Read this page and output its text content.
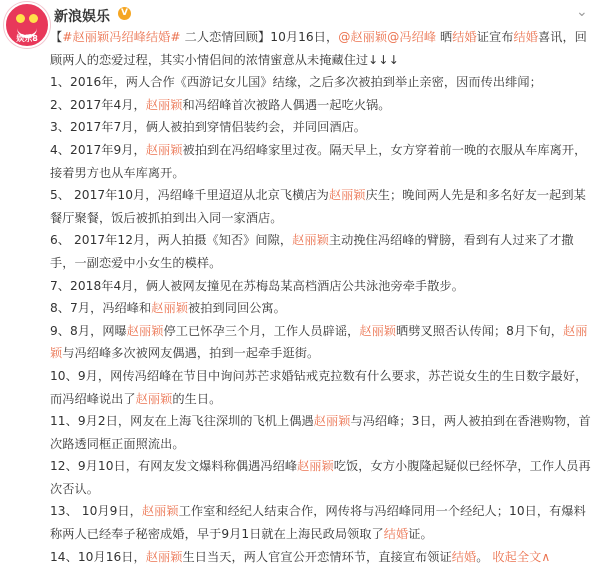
娱乐8
新浪娱乐	V	⌄

【#赵丽颖冯绍峰结婚# 二人恋情回顾】10月16日，@赵丽颖@冯绍峰 晒结婚证宣布结婚喜讯，回顾两人的恋爱过程，其实小情侣间的浓情蜜意从未掩藏住过↓↓↓

1、2016年，两人合作《西游记女儿国》结缘，之后多次被拍到举止亲密，因而传出绯闻；

2、2017年4月，赵丽颖和冯绍峰首次被路人偶遇一起吃火锅。

3、2017年7月，俩人被拍到穿情侣装约会，并同回酒店。

4、2017年9月，赵丽颖被拍到在冯绍峰家里过夜。隔天早上，女方穿着前一晚的衣服从车库离开，接着男方也从车库离开。

5、 2017年10月，冯绍峰千里迢迢从北京飞横店为赵丽颖庆生；晚间两人先是和多名好友一起到某餐厅聚餐，饭后被抓拍到出入同一家酒店。

6、 2017年12月，两人拍摄《知否》间隙，赵丽颖主动挽住冯绍峰的臂膀，看到有人过来了才撒手，一副恋爱中小女生的模样。

7、2018年4月，俩人被网友撞见在苏梅岛某高档酒店公共泳池旁牵手散步。

8、7月，冯绍峰和赵丽颖被拍到同回公寓。

9、8月，网曝赵丽颖停工已怀孕三个月，工作人员辟谣，赵丽颖晒劈叉照否认传闻；8月下旬，赵丽颖与冯绍峰多次被网友偶遇，拍到一起牵手逛街。

10、9月，网传冯绍峰在节目中询问苏芒求婚钻戒克拉数有什么要求，苏芒说女生的生日数字最好，而冯绍峰说出了赵丽颖的生日。

11、9月2日，网友在上海飞往深圳的飞机上偶遇赵丽颖与冯绍峰；3日，两人被拍到在香港购物，首次路透同框正面照流出。

12、9月10日，有网友发文爆料称偶遇冯绍峰赵丽颖吃饭，女方小腹隆起疑似已经怀孕，工作人员再次否认。

13、 10月9日，赵丽颖工作室和经纪人结束合作，网传将与冯绍峰同用一个经纪人；10日，有爆料称两人已经奉子秘密成婚，早于9月1日就在上海民政局领取了结婚证。

14、10月16日，赵丽颖生日当天，两人官宣公开恋情环节，直接宣布领证结婚。 收起全文∧
